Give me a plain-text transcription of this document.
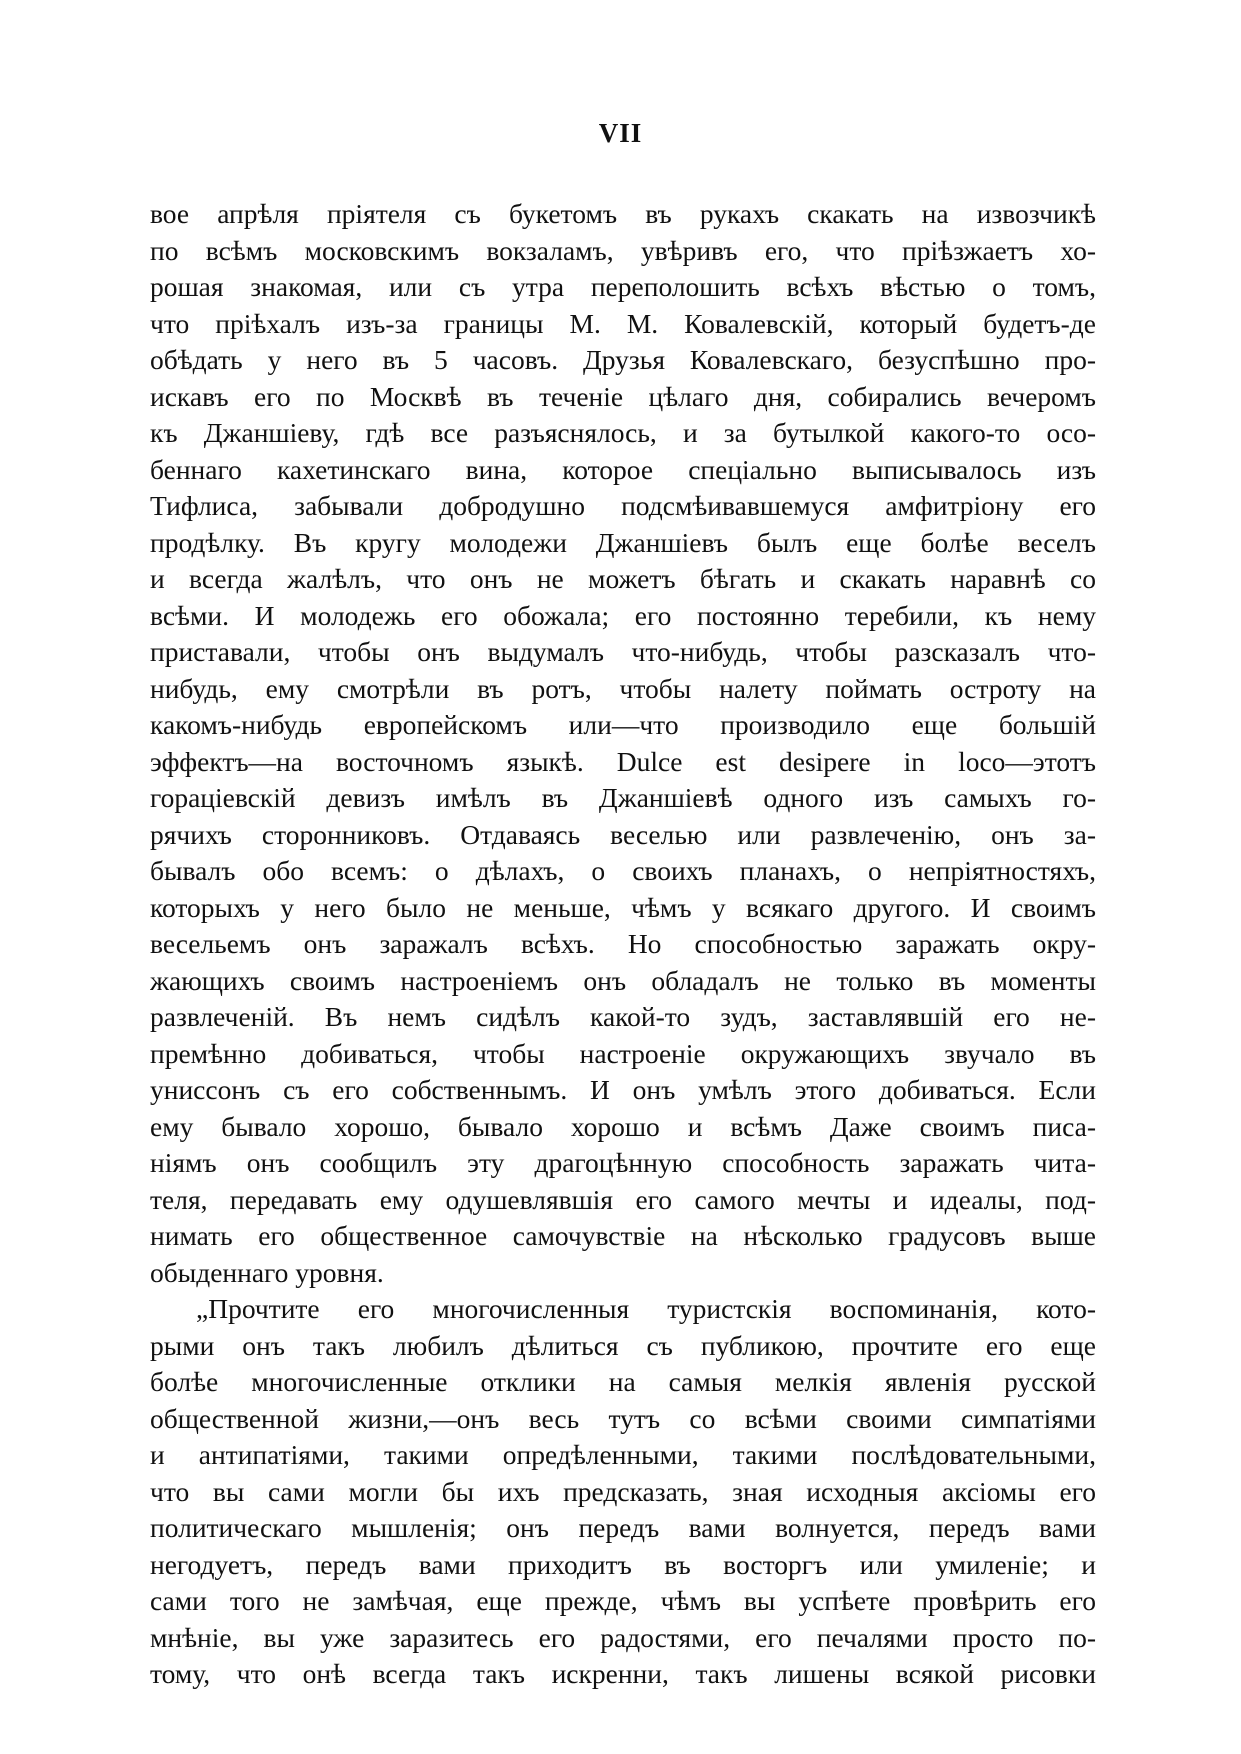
VII
вое апрѣля пріятеля съ букетомъ въ рукахъ скакать на извозчикѣ
по всѣмъ московскимъ вокзаламъ, увѣривъ его, что пріѣзжаетъ хо-
рошая знакомая, или съ утра переполошить всѣхъ вѣстью о томъ,
что пріѣхалъ изъ-за границы М. М. Ковалевскій, который будетъ-де
обѣдать у него въ 5 часовъ. Друзья Ковалевскаго, безуспѣшно про-
искавъ его по Москвѣ въ теченіе цѣлаго дня, собирались вечеромъ
къ Джаншіеву, гдѣ все разъяснялось, и за бутылкой какого-то осо-
беннаго кахетинскаго вина, которое спеціально выписывалось изъ
Тифлиса, забывали добродушно подсмѣивавшемуся амфитріону его
продѣлку. Въ кругу молодежи Джаншіевъ былъ еще болѣе веселъ
и всегда жалѣлъ, что онъ не можетъ бѣгать и скакать наравнѣ со
всѣми. И молодежь его обожала; его постоянно теребили, къ нему
приставали, чтобы онъ выдумалъ что-нибудь, чтобы разсказалъ что-
нибудь, ему смотрѣли въ ротъ, чтобы налету поймать остроту на
какомъ-нибудь европейскомъ или—что производило еще большій
эффектъ—на восточномъ языкѣ. Dulce est desipere in loco—этотъ
гораціевскій девизъ имѣлъ въ Джаншіевѣ одного изъ самыхъ го-
рячихъ сторонниковъ. Отдаваясь веселью или развлеченію, онъ за-
бывалъ обо всемъ: о дѣлахъ, о своихъ планахъ, о непріятностяхъ,
которыхъ у него было не меньше, чѣмъ у всякаго другого. И своимъ
весельемъ онъ заражалъ всѣхъ. Но способностью заражать окру-
жающихъ своимъ настроеніемъ онъ обладалъ не только въ моменты
развлеченій. Въ немъ сидѣлъ какой-то зудъ, заставлявшій его не-
премѣнно добиваться, чтобы настроеніе окружающихъ звучало въ
униссонъ съ его собственнымъ. И онъ умѣлъ этого добиваться. Если
ему бывало хорошо, бывало хорошо и всѣмъ Даже своимъ писа-
ніямъ онъ сообщилъ эту драгоцѣнную способность заражать чита-
теля, передавать ему одушевлявшія его самого мечты и идеалы, под-
нимать его общественное самочувствіе на нѣсколько градусовъ выше
обыденнаго уровня.
„Прочтите его многочисленныя туристскія воспоминанія, кото-
рыми онъ такъ любилъ дѣлиться съ публикою, прочтите его еще
болѣе многочисленные отклики на самыя мелкія явленія русской
общественной жизни,—онъ весь тутъ со всѣми своими симпатіями
и антипатіями, такими опредѣленными, такими послѣдовательными,
что вы сами могли бы ихъ предсказать, зная исходныя аксіомы его
политическаго мышленія; онъ передъ вами волнуется, передъ вами
негодуетъ, передъ вами приходитъ въ восторгъ или умиленіе; и
сами того не замѣчая, еще прежде, чѣмъ вы успѣете провѣрить его
мнѣніе, вы уже заразитесь его радостями, его печалями просто по-
тому, что онѣ всегда такъ искренни, такъ лишены всякой рисовки
